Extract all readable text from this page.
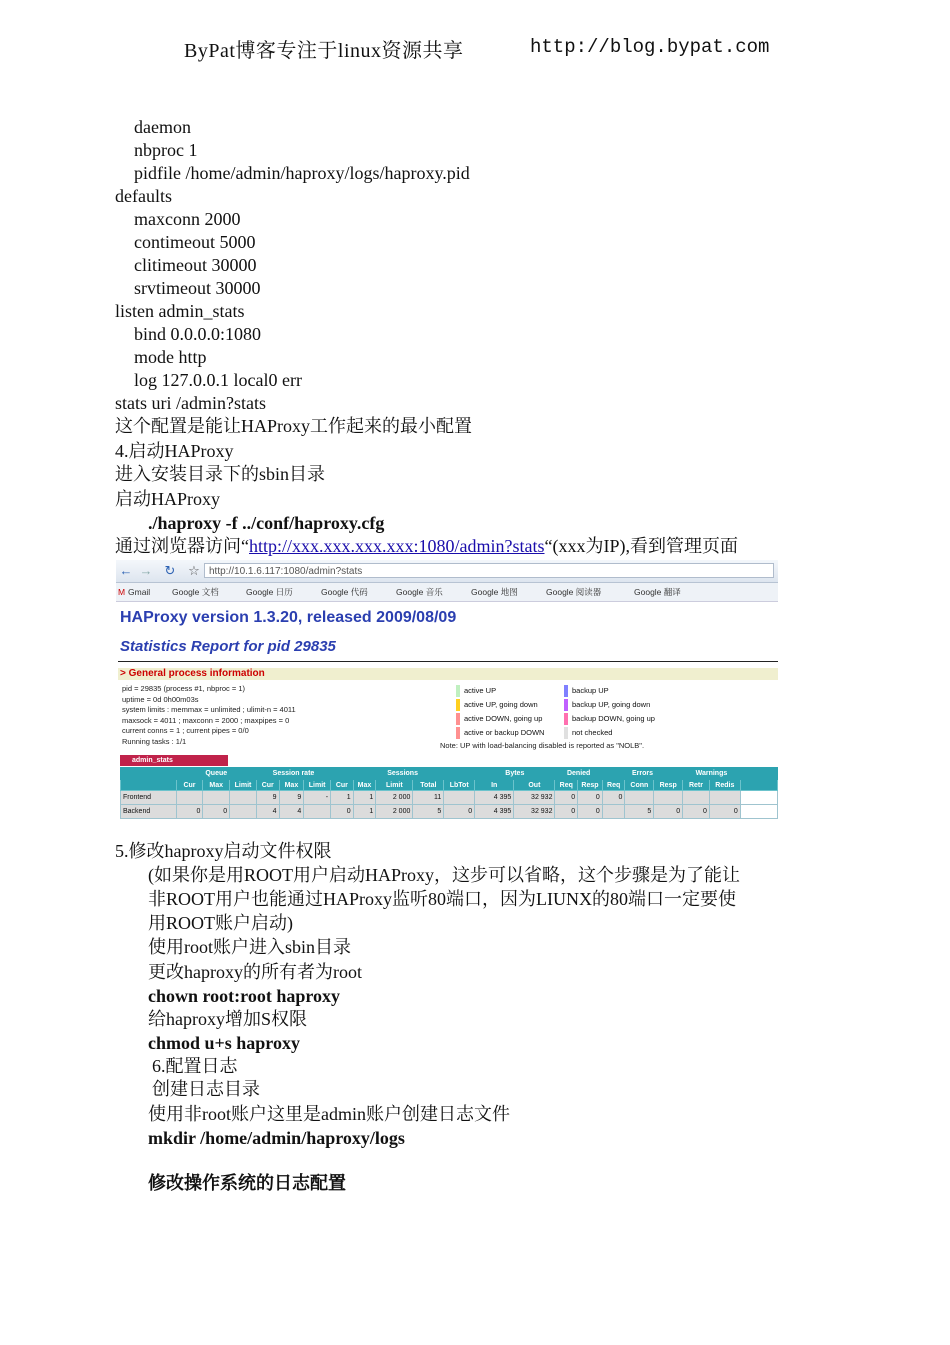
ByPat博客专注于linux资源共享	http://blog.bypat.com
daemon
nbproc 1
pidfile /home/admin/haproxy/logs/haproxy.pid
defaults
maxconn 2000
contimeout 5000
clitimeout 30000
srvtimeout 30000
listen admin_stats
bind 0.0.0.0:1080
mode http
log 127.0.0.1 local0 err
stats uri /admin?stats
这个配置是能让HAProxy工作起来的最小配置
4.启动HAProxy
进入安装目录下的sbin目录
启动HAProxy
./haproxy -f ../conf/haproxy.cfg
通过浏览器访问“http://xxx.xxx.xxx.xxx:1080/admin?stats“(xxx为IP),看到管理页面
← → ↻ ☆ http://10.1.6.117:1080/admin?stats
M Gmail	Google 文档	Google 日历	Google 代码	Google 音乐	Google 地图	Google 阅读器	Google 翻译
HAProxy version 1.3.20, released 2009/08/09
Statistics Report for pid 29835
> General process information
pid = 29835 (process #1, nbproc = 1)
uptime = 0d 0h00m03s
system limits : memmax = unlimited ; ulimit-n = 4011
maxsock = 4011 ; maxconn = 2000 ; maxpipes = 0
current conns = 1 ; current pipes = 0/0
Running tasks : 1/1
active UP
active UP, going down
active DOWN, going up
active or backup DOWN
backup UP
backup UP, going down
backup DOWN, going up
not checked
Note: UP with load-balancing disabled is reported as "NOLB".
admin_stats
	Queue			Session rate			Sessions					Bytes		Denied		Errors			Warnings		
	Cur	Max	Limit	Cur	Max	Limit	Cur	Max	Limit	Total	LbTot	In	Out	Req	Resp	Req	Conn	Resp	Retr	Redis	
Frontend				9	9	-	1	1	2 000	11		4 395	32 932	0	0	0					
Backend	0	0		4	4		0	1	2 000	5	0	4 395	32 932	0	0		5	0	0	0	
5.修改haproxy启动文件权限
(如果你是用ROOT用户启动HAProxy，这步可以省略，这个步骤是为了能让
非ROOT用户也能通过HAProxy监听80端口，因为LIUNX的80端口一定要使
用ROOT账户启动)
使用root账户进入sbin目录
更改haproxy的所有者为root
chown root:root haproxy
给haproxy增加S权限
chmod u+s haproxy
6.配置日志
创建日志目录
使用非root账户这里是admin账户创建日志文件
mkdir /home/admin/haproxy/logs
修改操作系统的日志配置
